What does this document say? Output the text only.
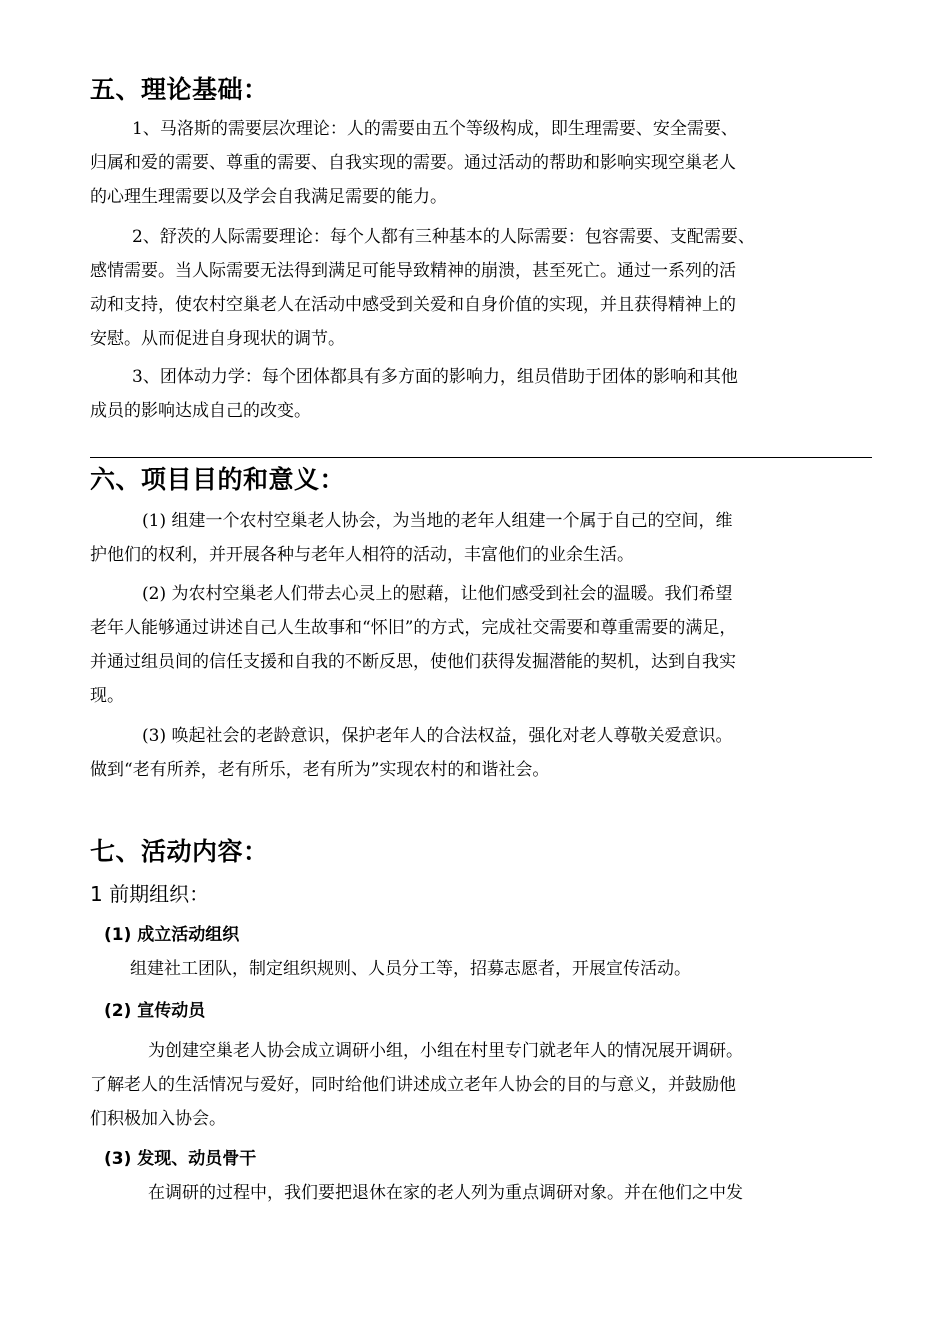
五、理论基础：
1、马洛斯的需要层次理论：人的需要由五个等级构成，即生理需要、安全需要、
归属和爱的需要、尊重的需要、自我实现的需要。通过活动的帮助和影响实现空巢老人
的心理生理需要以及学会自我满足需要的能力。
2、舒茨的人际需要理论：每个人都有三种基本的人际需要：包容需要、支配需要、
感情需要。当人际需要无法得到满足可能导致精神的崩溃，甚至死亡。通过一系列的活
动和支持，使农村空巢老人在活动中感受到关爱和自身价值的实现，并且获得精神上的
安慰。从而促进自身现状的调节。
3、团体动力学：每个团体都具有多方面的影响力，组员借助于团体的影响和其他
成员的影响达成自己的改变。
六、项目目的和意义：
(1) 组建一个农村空巢老人协会，为当地的老年人组建一个属于自己的空间，维
护他们的权利，并开展各种与老年人相符的活动，丰富他们的业余生活。
(2) 为农村空巢老人们带去心灵上的慰藉，让他们感受到社会的温暖。我们希望
老年人能够通过讲述自己人生故事和“怀旧”的方式，完成社交需要和尊重需要的满足，
并通过组员间的信任支援和自我的不断反思，使他们获得发掘潜能的契机，达到自我实
现。
(3) 唤起社会的老龄意识，保护老年人的合法权益，强化对老人尊敬关爱意识。
做到“老有所养，老有所乐，老有所为”实现农村的和谐社会。
七、活动内容：
1 前期组织：
(1) 成立活动组织
组建社工团队，制定组织规则、人员分工等，招募志愿者，开展宣传活动。
(2) 宣传动员
为创建空巢老人协会成立调研小组，小组在村里专门就老年人的情况展开调研。
了解老人的生活情况与爱好，同时给他们讲述成立老年人协会的目的与意义，并鼓励他
们积极加入协会。
(3) 发现、动员骨干
在调研的过程中，我们要把退休在家的老人列为重点调研对象。并在他们之中发
